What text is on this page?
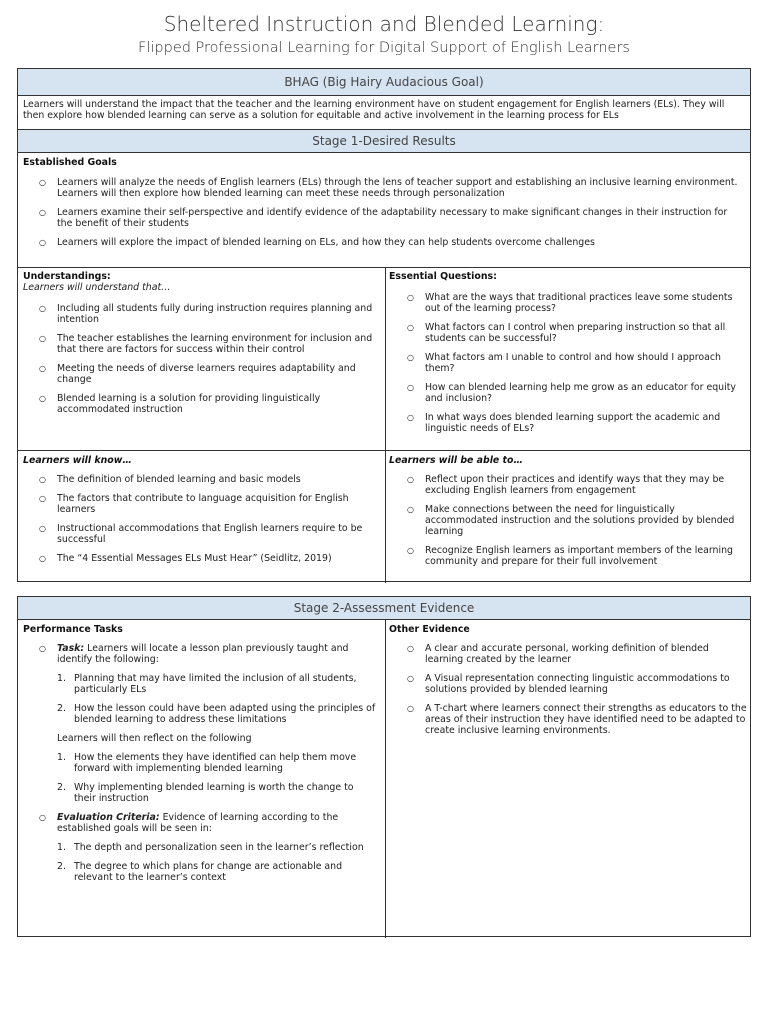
Sheltered Instruction and Blended Learning:
Flipped Professional Learning for Digital Support of English Learners
BHAG (Big Hairy Audacious Goal)
Learners will understand the impact that the teacher and the learning environment have on student engagement for English learners (ELs). They will then explore how blended learning can serve as a solution for equitable and active involvement in the learning process for ELs
Stage 1-Desired Results
Established Goals
○ Learners will analyze the needs of English learners (ELs) through the lens of teacher support and establishing an inclusive learning environment. Learners will then explore how blended learning can meet these needs through personalization
○ Learners examine their self-perspective and identify evidence of the adaptability necessary to make significant changes in their instruction for the benefit of their students
○ Learners will explore the impact of blended learning on ELs, and how they can help students overcome challenges
Understandings:
Learners will understand that…
○ Including all students fully during instruction requires planning and intention
○ The teacher establishes the learning environment for inclusion and that there are factors for success within their control
○ Meeting the needs of diverse learners requires adaptability and change
○ Blended learning is a solution for providing linguistically accommodated instruction
Essential Questions:
○ What are the ways that traditional practices leave some students out of the learning process?
○ What factors can I control when preparing instruction so that all students can be successful?
○ What factors am I unable to control and how should I approach them?
○ How can blended learning help me grow as an educator for equity and inclusion?
○ In what ways does blended learning support the academic and linguistic needs of ELs?
Learners will know…
○ The definition of blended learning and basic models
○ The factors that contribute to language acquisition for English learners
○ Instructional accommodations that English learners require to be successful
○ The “4 Essential Messages ELs Must Hear” (Seidlitz, 2019)
Learners will be able to…
○ Reflect upon their practices and identify ways that they may be excluding English learners from engagement
○ Make connections between the need for linguistically accommodated instruction and the solutions provided by blended learning
○ Recognize English learners as important members of the learning community and prepare for their full involvement
Stage 2-Assessment Evidence
Performance Tasks
○ Task: Learners will locate a lesson plan previously taught and identify the following:
1. Planning that may have limited the inclusion of all students, particularly ELs
2. How the lesson could have been adapted using the principles of blended learning to address these limitations
Learners will then reflect on the following
1. How the elements they have identified can help them move forward with implementing blended learning
2. Why implementing blended learning is worth the change to their instruction
○ Evaluation Criteria: Evidence of learning according to the established goals will be seen in:
1. The depth and personalization seen in the learner’s reflection
2. The degree to which plans for change are actionable and relevant to the learner’s context
Other Evidence
○ A clear and accurate personal, working definition of blended learning created by the learner
○ A Visual representation connecting linguistic accommodations to solutions provided by blended learning
○ A T-chart where learners connect their strengths as educators to the areas of their instruction they have identified need to be adapted to create inclusive learning environments.
